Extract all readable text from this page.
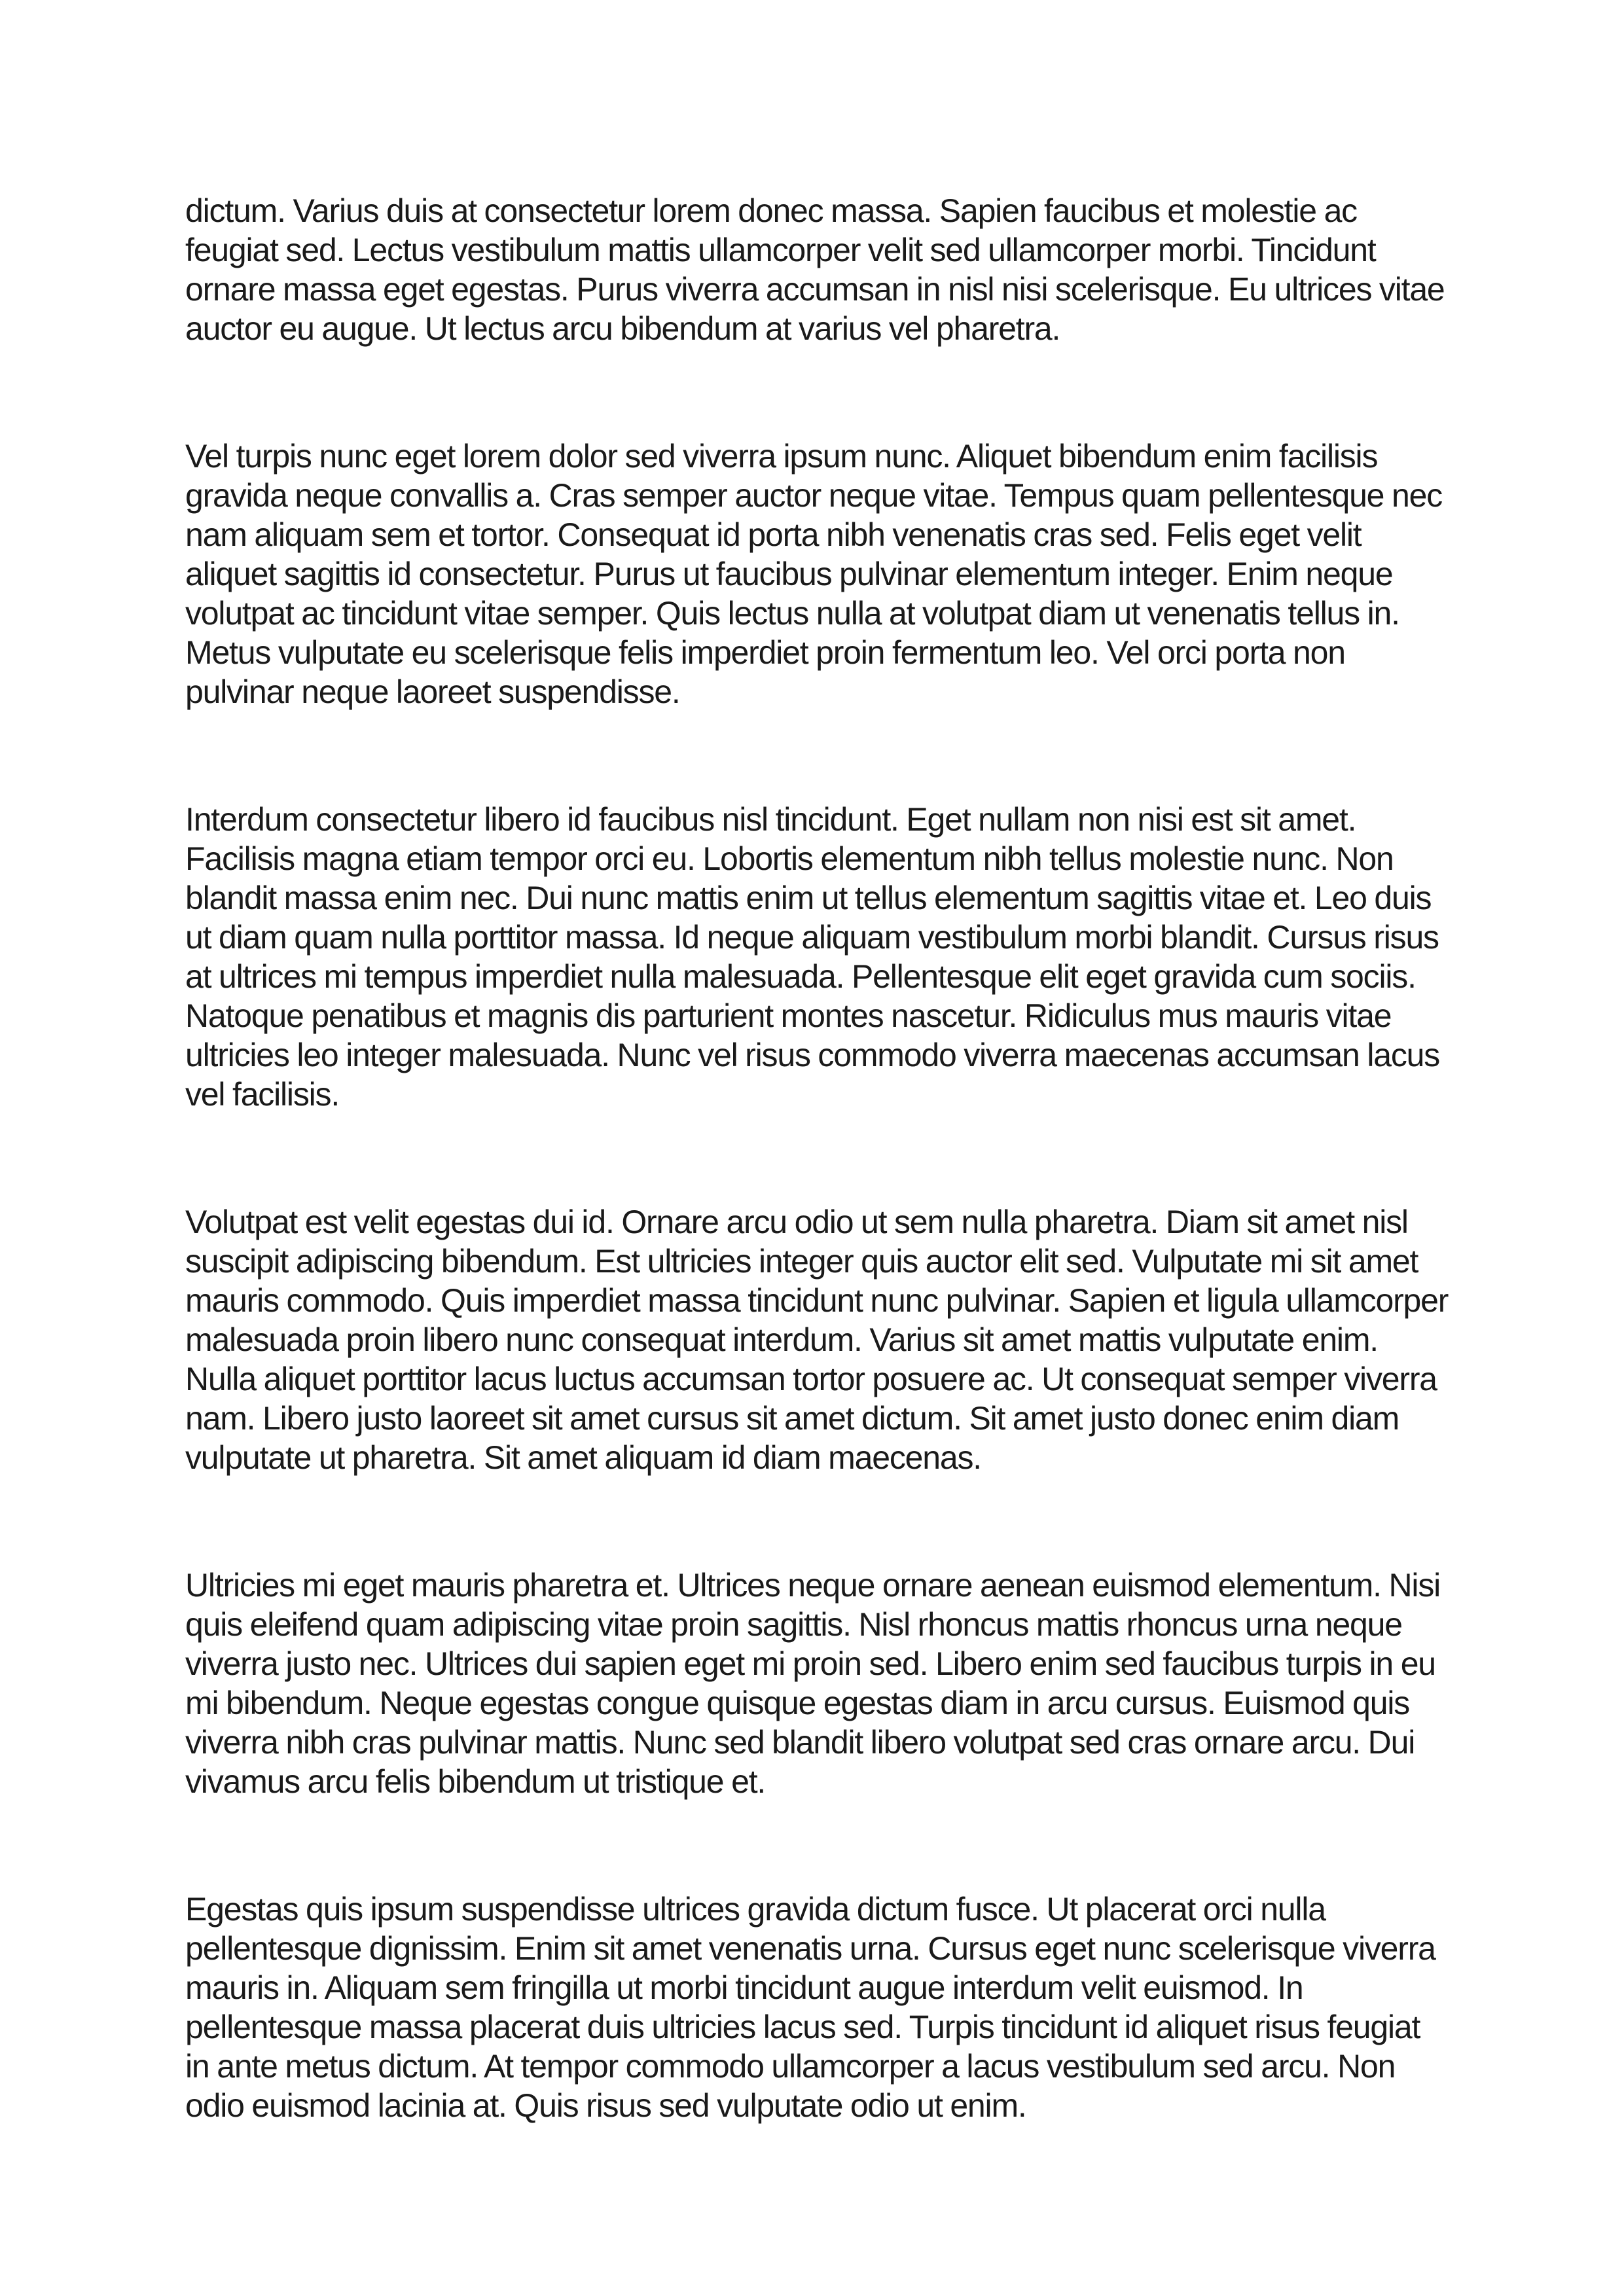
dictum. Varius duis at consectetur lorem donec massa. Sapien faucibus et molestie ac feugiat sed. Lectus vestibulum mattis ullamcorper velit sed ullamcorper morbi. Tincidunt ornare massa eget egestas. Purus viverra accumsan in nisl nisi scelerisque. Eu ultrices vitae auctor eu augue. Ut lectus arcu bibendum at varius vel pharetra.

Vel turpis nunc eget lorem dolor sed viverra ipsum nunc. Aliquet bibendum enim facilisis gravida neque convallis a. Cras semper auctor neque vitae. Tempus quam pellentesque nec nam aliquam sem et tortor. Consequat id porta nibh venenatis cras sed. Felis eget velit aliquet sagittis id consectetur. Purus ut faucibus pulvinar elementum integer. Enim neque volutpat ac tincidunt vitae semper. Quis lectus nulla at volutpat diam ut venenatis tellus in. Metus vulputate eu scelerisque felis imperdiet proin fermentum leo. Vel orci porta non pulvinar neque laoreet suspendisse.

Interdum consectetur libero id faucibus nisl tincidunt. Eget nullam non nisi est sit amet. Facilisis magna etiam tempor orci eu. Lobortis elementum nibh tellus molestie nunc. Non blandit massa enim nec. Dui nunc mattis enim ut tellus elementum sagittis vitae et. Leo duis ut diam quam nulla porttitor massa. Id neque aliquam vestibulum morbi blandit. Cursus risus at ultrices mi tempus imperdiet nulla malesuada. Pellentesque elit eget gravida cum sociis. Natoque penatibus et magnis dis parturient montes nascetur. Ridiculus mus mauris vitae ultricies leo integer malesuada. Nunc vel risus commodo viverra maecenas accumsan lacus vel facilisis.

Volutpat est velit egestas dui id. Ornare arcu odio ut sem nulla pharetra. Diam sit amet nisl suscipit adipiscing bibendum. Est ultricies integer quis auctor elit sed. Vulputate mi sit amet mauris commodo. Quis imperdiet massa tincidunt nunc pulvinar. Sapien et ligula ullamcorper malesuada proin libero nunc consequat interdum. Varius sit amet mattis vulputate enim. Nulla aliquet porttitor lacus luctus accumsan tortor posuere ac. Ut consequat semper viverra nam. Libero justo laoreet sit amet cursus sit amet dictum. Sit amet justo donec enim diam vulputate ut pharetra. Sit amet aliquam id diam maecenas.

Ultricies mi eget mauris pharetra et. Ultrices neque ornare aenean euismod elementum. Nisi quis eleifend quam adipiscing vitae proin sagittis. Nisl rhoncus mattis rhoncus urna neque viverra justo nec. Ultrices dui sapien eget mi proin sed. Libero enim sed faucibus turpis in eu mi bibendum. Neque egestas congue quisque egestas diam in arcu cursus. Euismod quis viverra nibh cras pulvinar mattis. Nunc sed blandit libero volutpat sed cras ornare arcu. Dui vivamus arcu felis bibendum ut tristique et.

Egestas quis ipsum suspendisse ultrices gravida dictum fusce. Ut placerat orci nulla pellentesque dignissim. Enim sit amet venenatis urna. Cursus eget nunc scelerisque viverra mauris in. Aliquam sem fringilla ut morbi tincidunt augue interdum velit euismod. In pellentesque massa placerat duis ultricies lacus sed. Turpis tincidunt id aliquet risus feugiat in ante metus dictum. At tempor commodo ullamcorper a lacus vestibulum sed arcu. Non odio euismod lacinia at. Quis risus sed vulputate odio ut enim.
